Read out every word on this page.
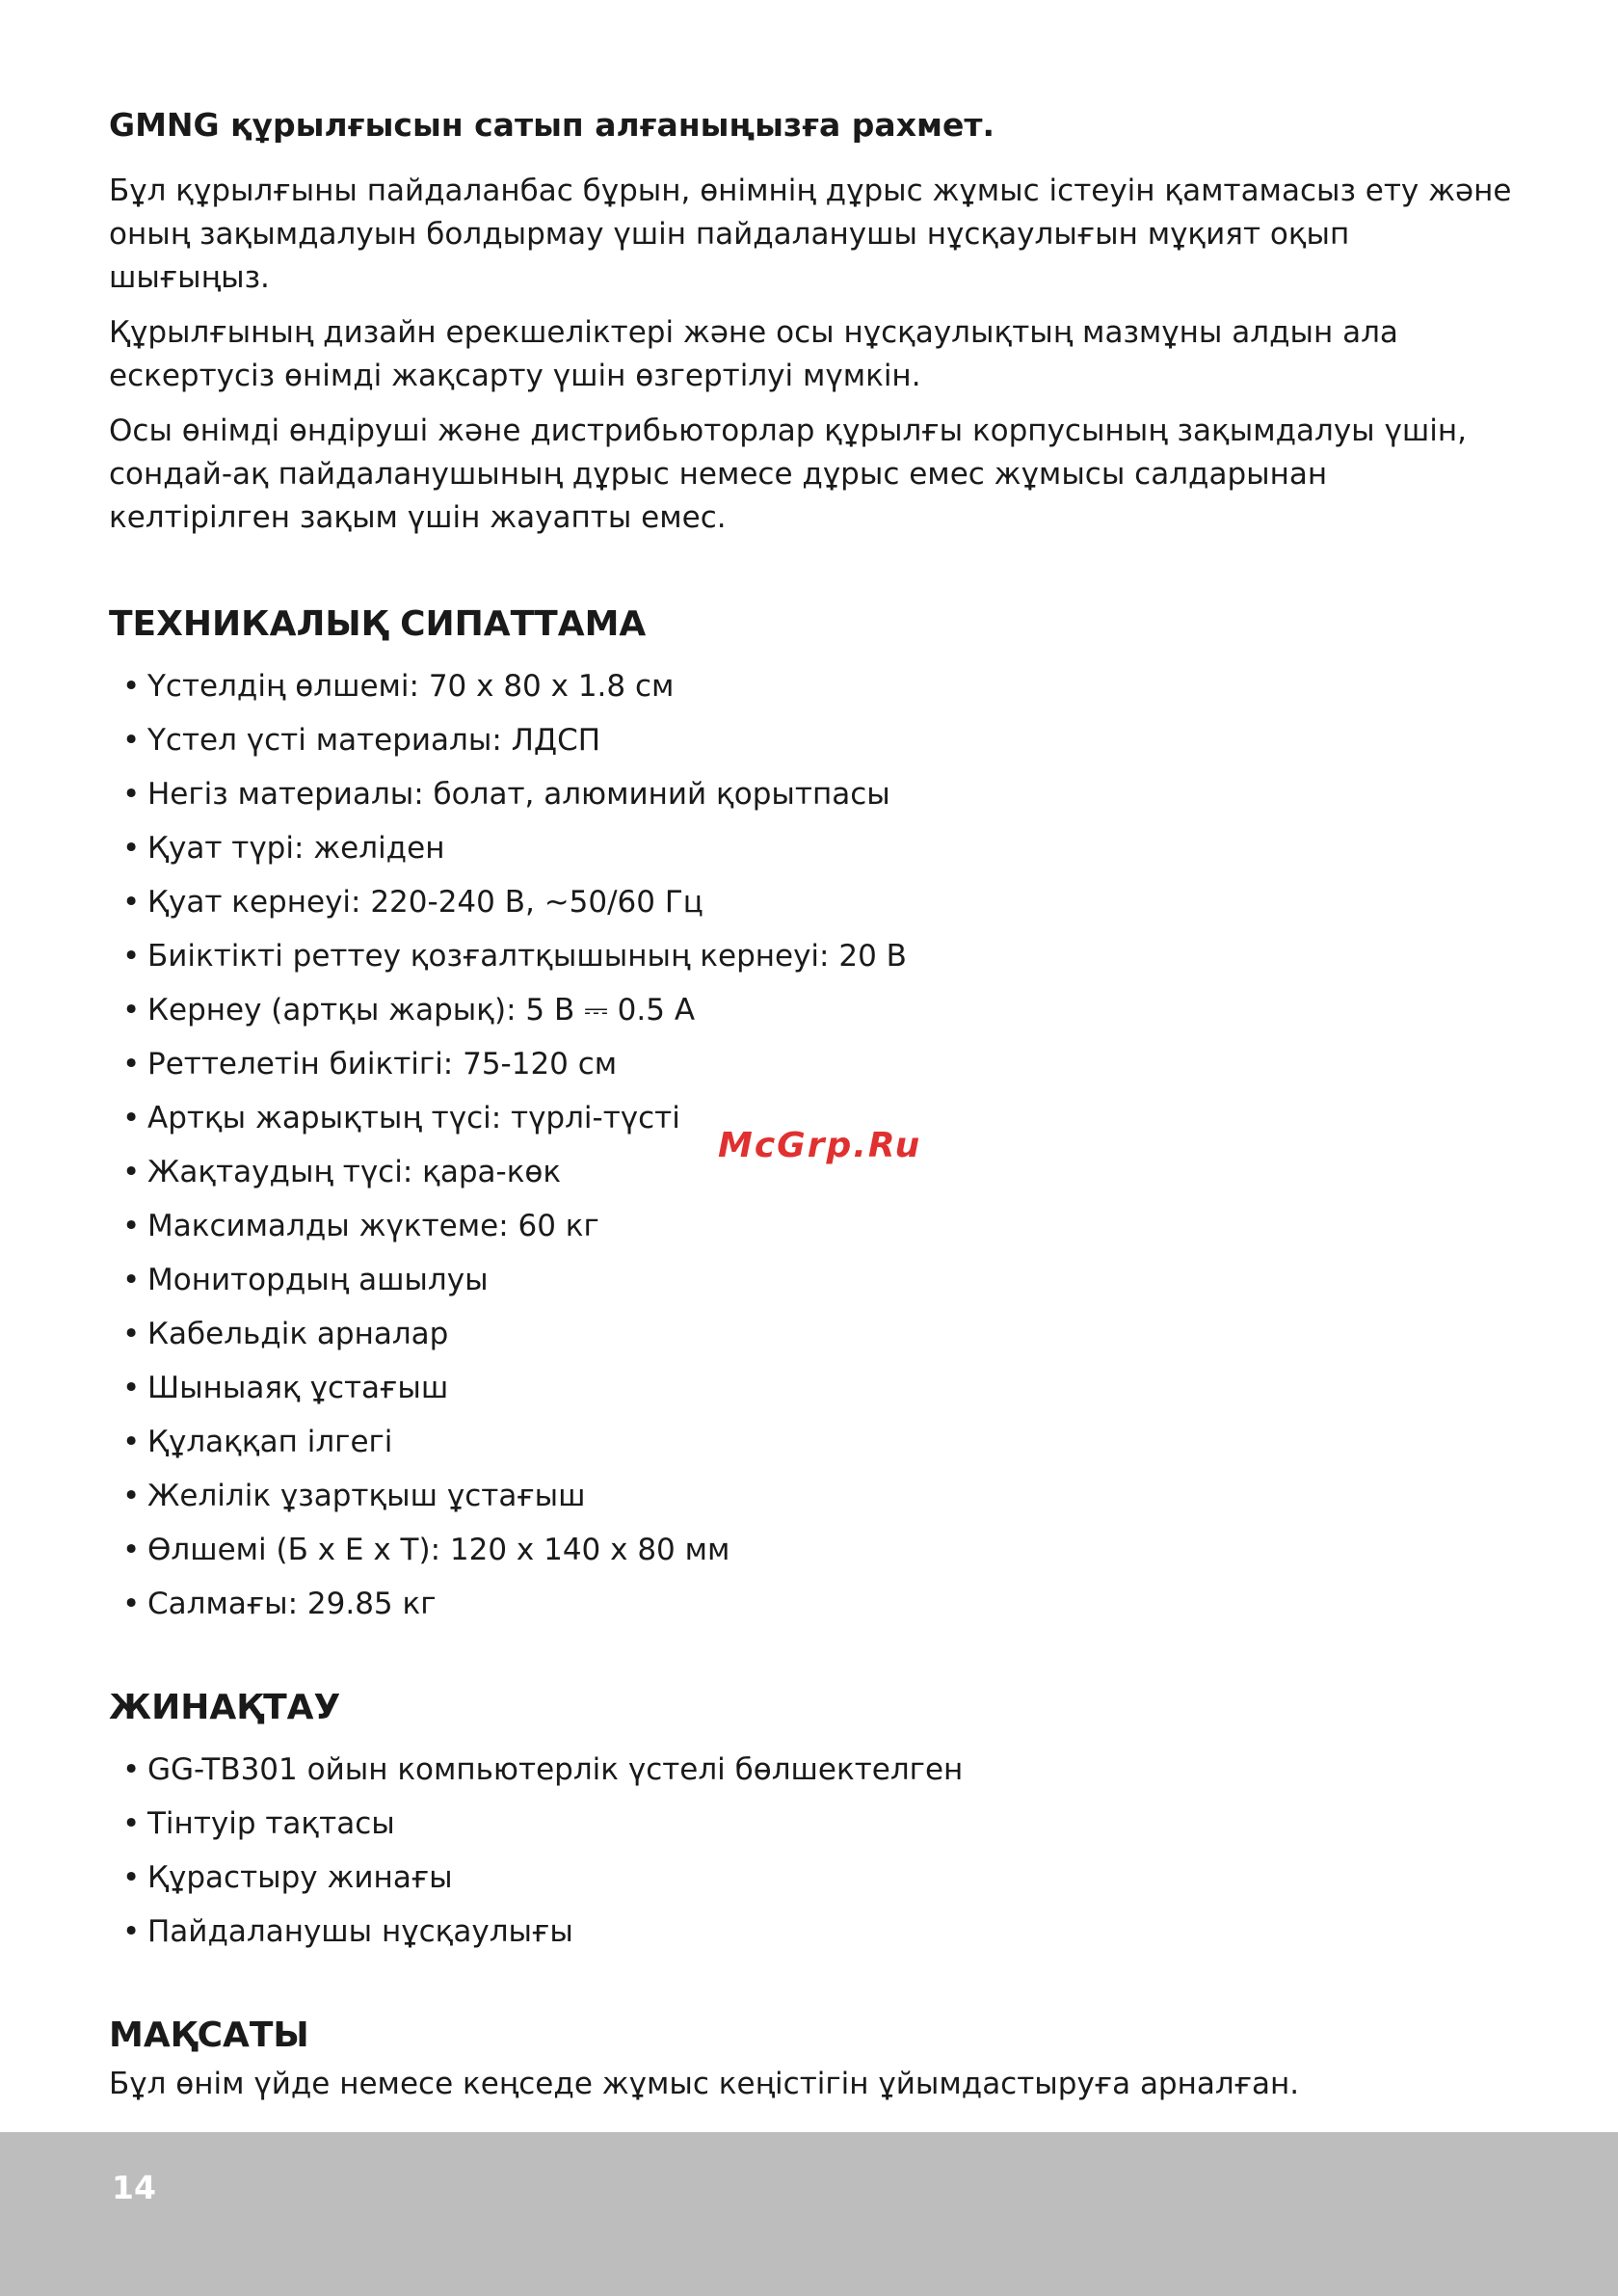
GMNG құрылғысын сатып алғаныңызға рахмет.

Бұл құрылғыны пайдаланбас бұрын, өнімнің дұрыс жұмыс істеуін қамтамасыз ету және оның зақымдалуын болдырмау үшін пайдаланушы нұсқаулығын мұқият оқып шығыңыз.

Құрылғының дизайн ерекшеліктері және осы нұсқаулықтың мазмұны алдын ала ескертусіз өнімді жақсарту үшін өзгертілуі мүмкін.

Осы өнімді өндіруші және дистрибьюторлар құрылғы корпусының зақымдалуы үшін, сондай-ақ пайдаланушының дұрыс немесе дұрыс емес жұмысы салдарынан келтірілген зақым үшін жауапты емес.

ТЕХНИКАЛЫҚ СИПАТТАМА
• Үстелдің өлшемі: 70 х 80 х 1.8 см
• Үстел үсті материалы: ЛДСП
• Негіз материалы: болат, алюминий қорытпасы
• Қуат түрі: желіден
• Қуат кернеуі: 220-240 В, ~50/60 Гц
• Биіктікті реттеу қозғалтқышының кернеуі: 20 В
• Кернеу (артқы жарық): 5 В ⎓ 0.5 А
• Реттелетін биіктігі: 75-120 см
• Артқы жарықтың түсі: түрлі-түсті
• Жақтаудың түсі: қара-көк
• Максималды жүктеме: 60 кг
• Монитордың ашылуы
• Кабельдік арналар
• Шыныаяқ ұстағыш
• Құлаққап ілгегі
• Желілік ұзартқыш ұстағыш
• Өлшемі (Б х Е х Т): 120 х 140 х 80 мм
• Салмағы: 29.85 кг
ЖИНАҚТАУ
• GG-TB301 ойын компьютерлік үстелі бөлшектелген
• Тінтуір тақтасы
• Құрастыру жинағы
• Пайдаланушы нұсқаулығы
МАҚСАТЫ

Бұл өнім үйде немесе кеңседе жұмыс кеңістігін ұйымдастыруға арналған.

McGrp.Ru
14
